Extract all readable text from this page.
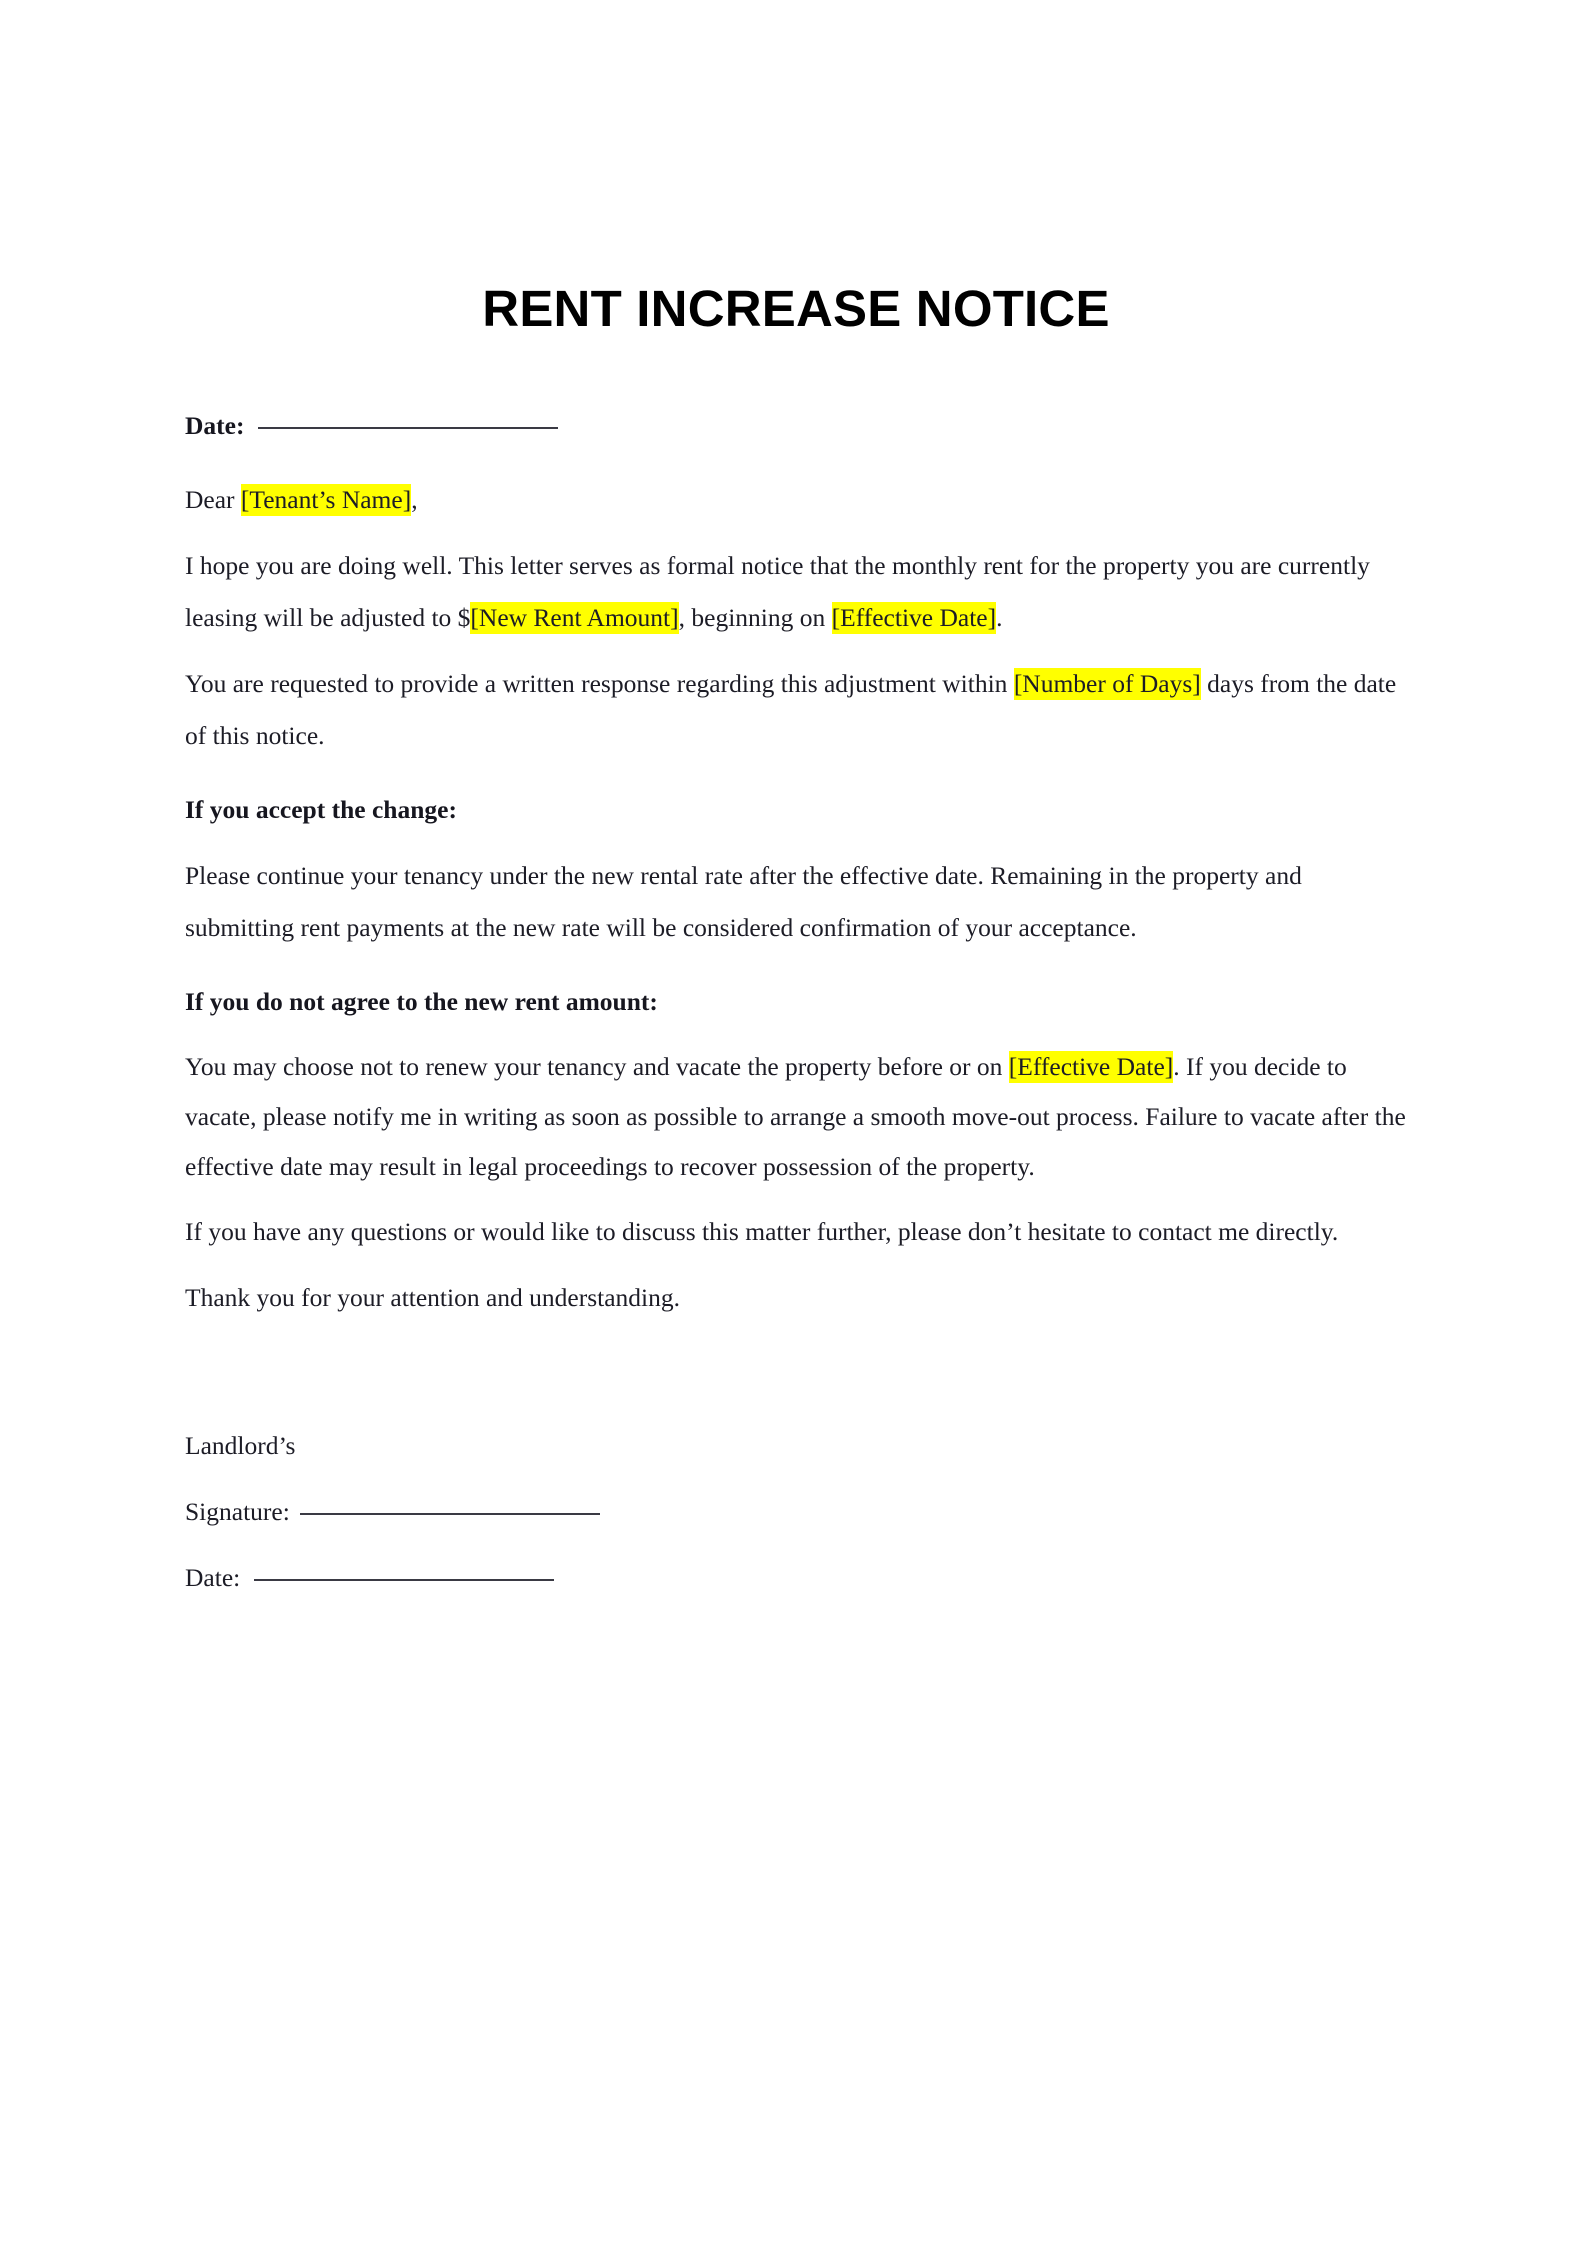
RENT INCREASE NOTICE

Date:

Dear [Tenant’s Name],

I hope you are doing well. This letter serves as formal notice that the monthly rent for the property you are currently leasing will be adjusted to $[New Rent Amount], beginning on [Effective Date].

You are requested to provide a written response regarding this adjustment within [Number of Days] days from the date of this notice.

If you accept the change:

Please continue your tenancy under the new rental rate after the effective date. Remaining in the property and submitting rent payments at the new rate will be considered confirmation of your acceptance.

If you do not agree to the new rent amount:

You may choose not to renew your tenancy and vacate the property before or on [Effective Date]. If you decide to vacate, please notify me in writing as soon as possible to arrange a smooth move-out process. Failure to vacate after the effective date may result in legal proceedings to recover possession of the property.

If you have any questions or would like to discuss this matter further, please don’t hesitate to contact me directly.

Thank you for your attention and understanding.

Landlord’s

Signature:

Date:
